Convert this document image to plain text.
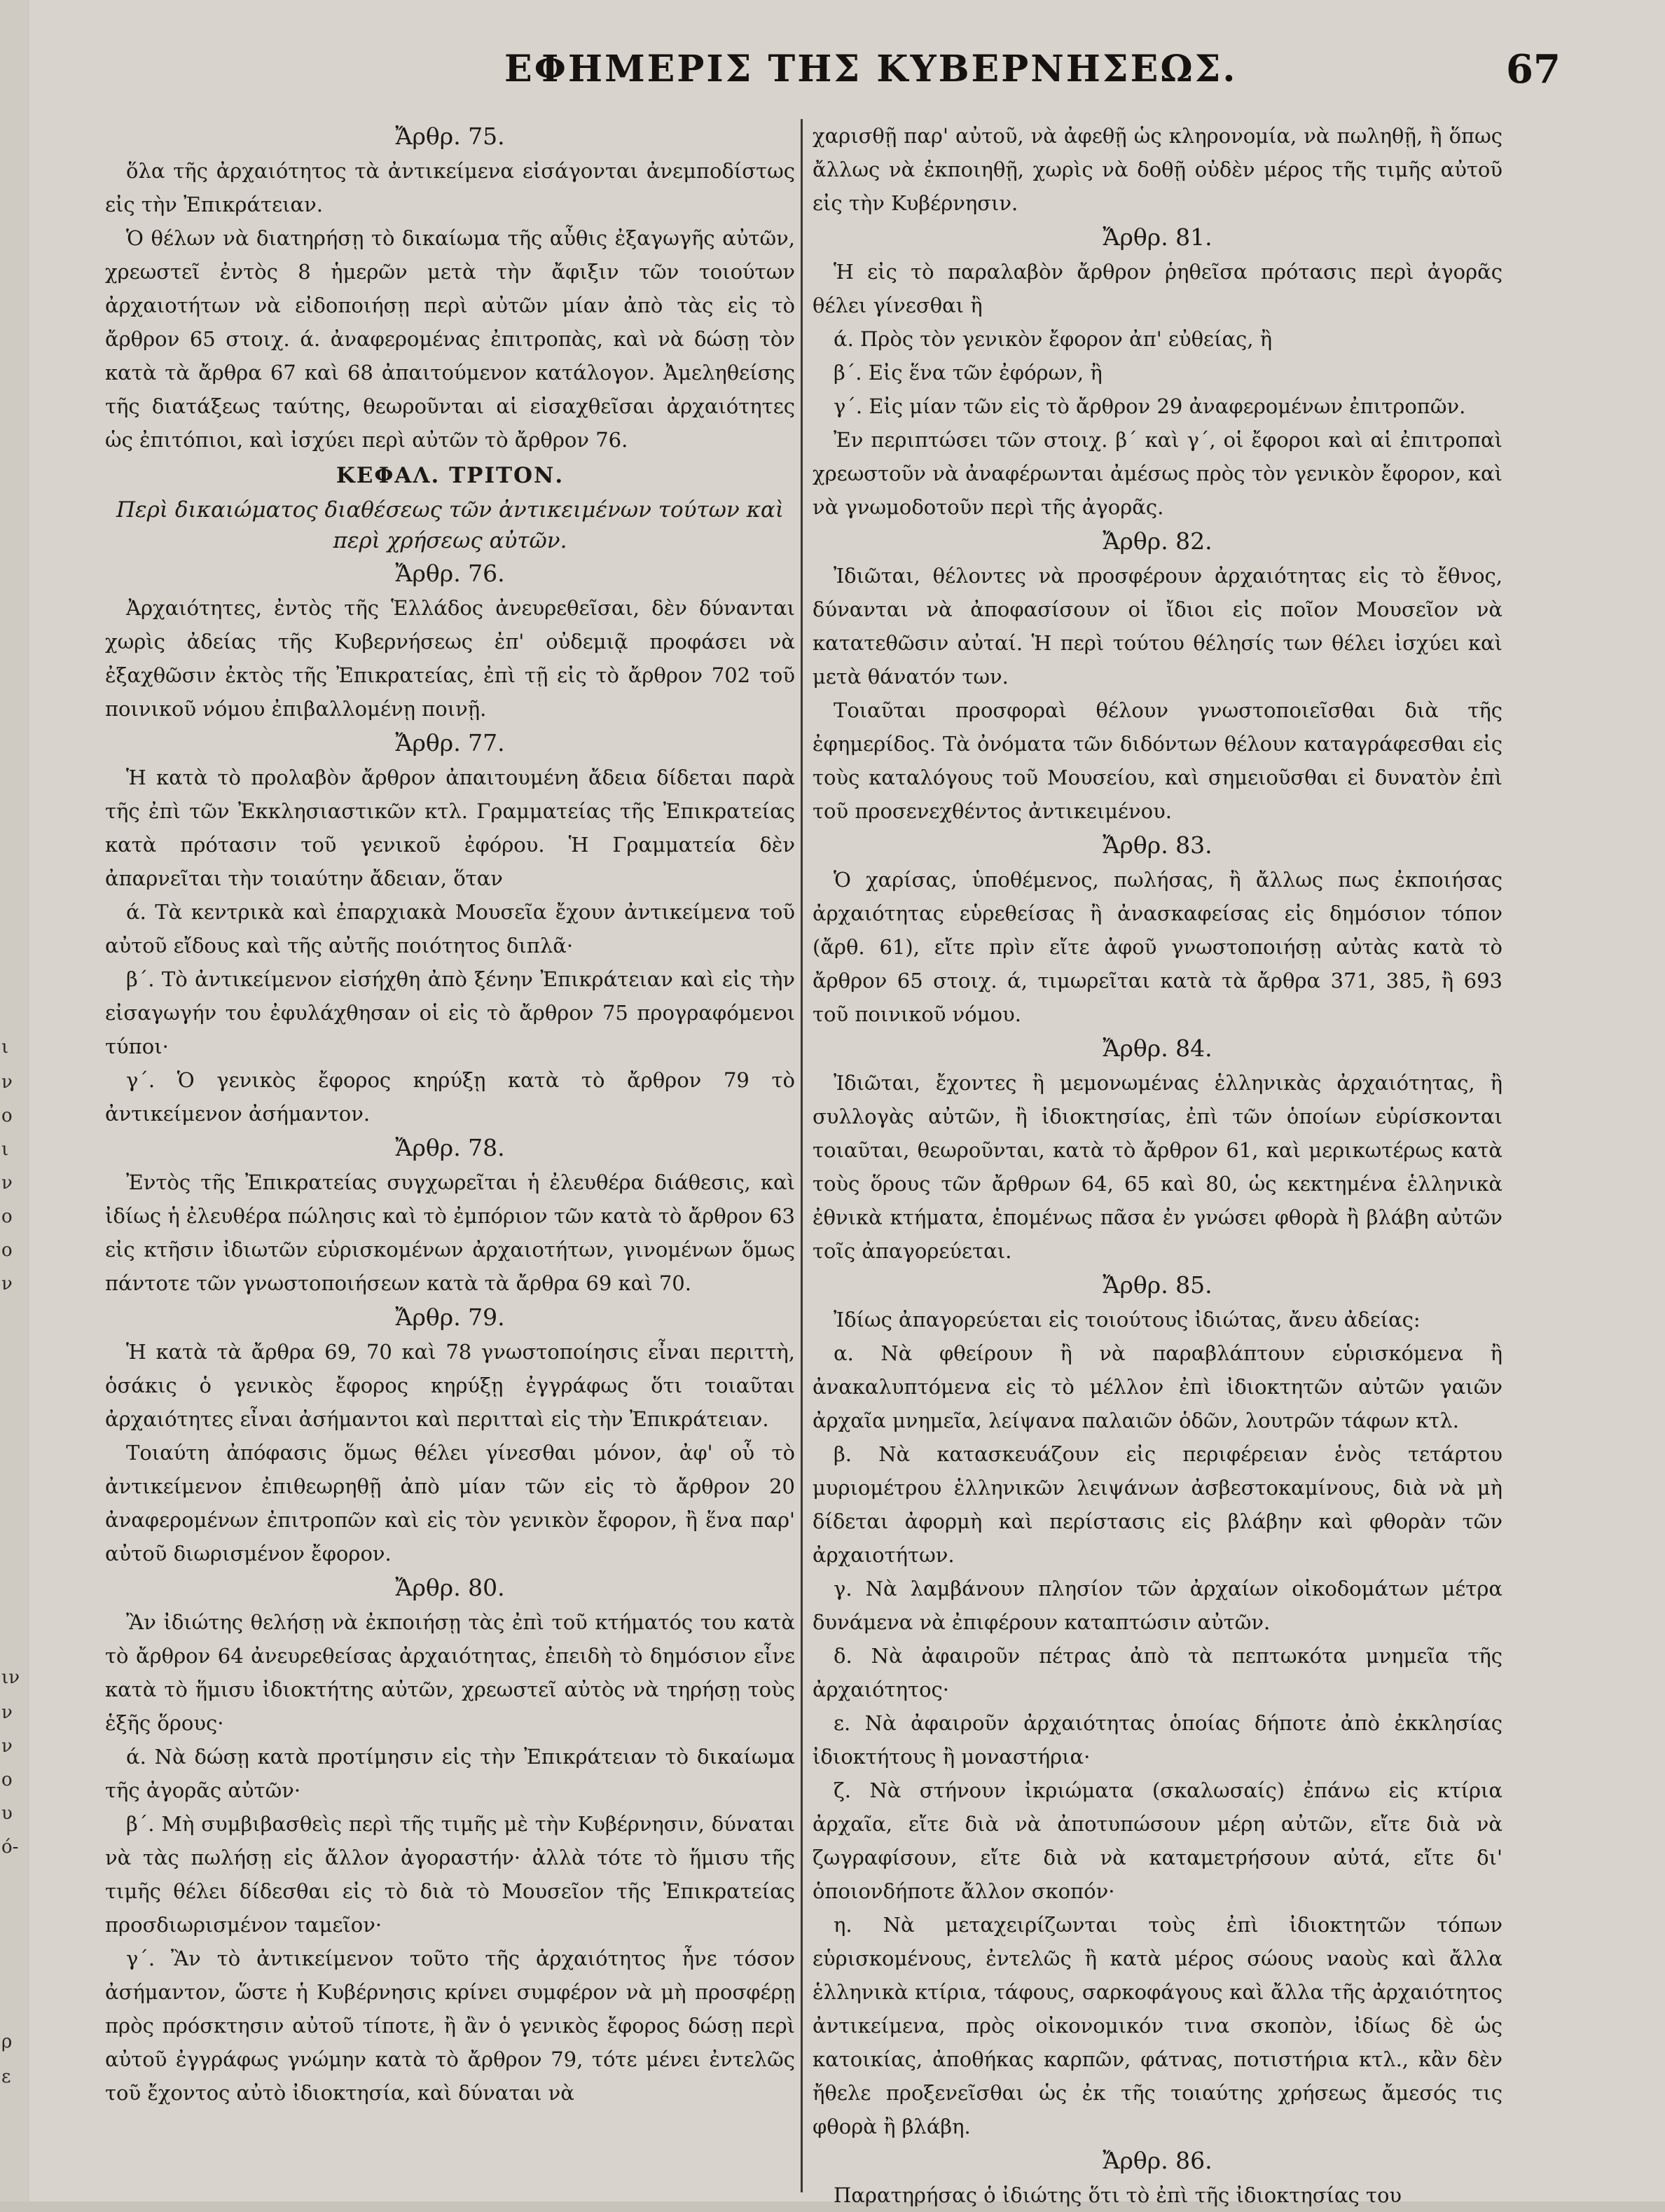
ι
ν
ο
ι
ν
ο
ο
ν
ιν
ν
ν
ο
υ
ό-
ρ
ε
ΕΦΗΜΕΡΙΣ ΤΗΣ ΚΥΒΕΡΝΗΣΕΩΣ.	67

Ἄρθρ. 75.

ὅλα τῆς ἀρχαιότητος τὰ ἀντικείμενα εἰσάγονται ἀνεμποδίστως εἰς τὴν Ἐπικράτειαν.

Ὁ θέλων νὰ διατηρήσῃ τὸ δικαίωμα τῆς αὖθις ἐξαγωγῆς αὐτῶν, χρεωστεῖ ἐντὸς 8 ἡμερῶν μετὰ τὴν ἄφιξιν τῶν τοιούτων ἀρχαιοτήτων νὰ εἰδοποιήσῃ περὶ αὐτῶν μίαν ἀπὸ τὰς εἰς τὸ ἄρθρον 65 στοιχ. ά. ἀναφερομένας ἐπιτροπὰς, καὶ νὰ δώσῃ τὸν κατὰ τὰ ἄρθρα 67 καὶ 68 ἀπαιτούμενον κατάλογον. Ἀμεληθείσης τῆς διατάξεως ταύτης, θεωροῦνται αἱ εἰσαχθεῖσαι ἀρχαιότητες ὡς ἐπιτόπιοι, καὶ ἰσχύει περὶ αὐτῶν τὸ ἄρθρον 76.

ΚΕΦΑΛ. ΤΡΙΤΟΝ.

Περὶ δικαιώματος διαθέσεως τῶν ἀντικειμένων τούτων καὶ περὶ χρήσεως αὐτῶν.

Ἄρθρ. 76.

Ἀρχαιότητες, ἐντὸς τῆς Ἑλλάδος ἀνευρεθεῖσαι, δὲν δύνανται χωρὶς ἀδείας τῆς Κυβερνήσεως ἐπ' οὐδεμιᾷ προφάσει νὰ ἐξαχθῶσιν ἐκτὸς τῆς Ἐπικρατείας, ἐπὶ τῇ εἰς τὸ ἄρθρον 702 τοῦ ποινικοῦ νόμου ἐπιβαλλομένῃ ποινῇ.

Ἄρθρ. 77.

Ἡ κατὰ τὸ προλαβὸν ἄρθρον ἀπαιτουμένη ἄδεια δίδεται παρὰ τῆς ἐπὶ τῶν Ἐκκλησιαστικῶν κτλ. Γραμματείας τῆς Ἐπικρατείας κατὰ πρότασιν τοῦ γενικοῦ ἐφόρου. Ἡ Γραμματεία δὲν ἀπαρνεῖται τὴν τοιαύτην ἄδειαν, ὅταν

ά. Τὰ κεντρικὰ καὶ ἐπαρχιακὰ Μουσεῖα ἔχουν ἀντικείμενα τοῦ αὐτοῦ εἴδους καὶ τῆς αὐτῆς ποιότητος διπλᾶ·

β΄. Τὸ ἀντικείμενον εἰσήχθη ἀπὸ ξένην Ἐπικράτειαν καὶ εἰς τὴν εἰσαγωγήν του ἐφυλάχθησαν οἱ εἰς τὸ ἄρθρον 75 προγραφόμενοι τύποι·

γ΄. Ὁ γενικὸς ἔφορος κηρύξῃ κατὰ τὸ ἄρθρον 79 τὸ ἀντικείμενον ἀσήμαντον.

Ἄρθρ. 78.

Ἐντὸς τῆς Ἐπικρατείας συγχωρεῖται ἡ ἐλευθέρα διάθεσις, καὶ ἰδίως ἡ ἐλευθέρα πώλησις καὶ τὸ ἐμπόριον τῶν κατὰ τὸ ἄρθρον 63 εἰς κτῆσιν ἰδιωτῶν εὑρισκομένων ἀρχαιοτήτων, γινομένων ὅμως πάντοτε τῶν γνωστοποιήσεων κατὰ τὰ ἄρθρα 69 καὶ 70.

Ἄρθρ. 79.

Ἡ κατὰ τὰ ἄρθρα 69, 70 καὶ 78 γνωστοποίησις εἶναι περιττὴ, ὁσάκις ὁ γενικὸς ἔφορος κηρύξῃ ἐγγράφως ὅτι τοιαῦται ἀρχαιότητες εἶναι ἀσήμαντοι καὶ περιτταὶ εἰς τὴν Ἐπικράτειαν.

Τοιαύτη ἀπόφασις ὅμως θέλει γίνεσθαι μόνον, ἀφ' οὗ τὸ ἀντικείμενον ἐπιθεωρηθῇ ἀπὸ μίαν τῶν εἰς τὸ ἄρθρον 20 ἀναφερομένων ἐπιτροπῶν καὶ εἰς τὸν γενικὸν ἔφορον, ἢ ἕνα παρ' αὐτοῦ διωρισμένον ἔφορον.

Ἄρθρ. 80.

Ἂν ἰδιώτης θελήσῃ νὰ ἐκποιήσῃ τὰς ἐπὶ τοῦ κτήματός του κατὰ τὸ ἄρθρον 64 ἀνευρεθείσας ἀρχαιότητας, ἐπειδὴ τὸ δημόσιον εἶνε κατὰ τὸ ἥμισυ ἰδιοκτήτης αὐτῶν, χρεωστεῖ αὐτὸς νὰ τηρήσῃ τοὺς ἑξῆς ὅρους·

ά. Νὰ δώσῃ κατὰ προτίμησιν εἰς τὴν Ἐπικράτειαν τὸ δικαίωμα τῆς ἀγορᾶς αὐτῶν·

β΄. Μὴ συμβιβασθεὶς περὶ τῆς τιμῆς μὲ τὴν Κυβέρνησιν, δύναται νὰ τὰς πωλήσῃ εἰς ἄλλον ἀγοραστήν· ἀλλὰ τότε τὸ ἥμισυ τῆς τιμῆς θέλει δίδεσθαι εἰς τὸ διὰ τὸ Μουσεῖον τῆς Ἐπικρατείας προσδιωρισμένον ταμεῖον·

γ΄. Ἂν τὸ ἀντικείμενον τοῦτο τῆς ἀρχαιότητος ἦνε τόσον ἀσήμαντον, ὥστε ἡ Κυβέρνησις κρίνει συμφέρον νὰ μὴ προσφέρῃ πρὸς πρόσκτησιν αὐτοῦ τίποτε, ἢ ἂν ὁ γενικὸς ἔφορος δώσῃ περὶ αὐτοῦ ἐγγράφως γνώμην κατὰ τὸ ἄρθρον 79, τότε μένει ἐντελῶς τοῦ ἔχοντος αὐτὸ ἰδιοκτησία, καὶ δύναται νὰ

χαρισθῇ παρ' αὐτοῦ, νὰ ἀφεθῇ ὡς κληρονομία, νὰ πωληθῇ, ἢ ὅπως ἄλλως νὰ ἐκποιηθῇ, χωρὶς νὰ δοθῇ οὐδὲν μέρος τῆς τιμῆς αὐτοῦ εἰς τὴν Κυβέρνησιν.

Ἄρθρ. 81.

Ἡ εἰς τὸ παραλαβὸν ἄρθρον ῥηθεῖσα πρότασις περὶ ἀγορᾶς θέλει γίνεσθαι ἢ

ά. Πρὸς τὸν γενικὸν ἔφορον ἀπ' εὐθείας, ἢ

β΄. Εἰς ἕνα τῶν ἐφόρων, ἢ

γ΄. Εἰς μίαν τῶν εἰς τὸ ἄρθρον 29 ἀναφερομένων ἐπιτροπῶν.

Ἐν περιπτώσει τῶν στοιχ. β΄ καὶ γ΄, οἱ ἔφοροι καὶ αἱ ἐπιτροπαὶ χρεωστοῦν νὰ ἀναφέρωνται ἀμέσως πρὸς τὸν γενικὸν ἔφορον, καὶ νὰ γνωμοδοτοῦν περὶ τῆς ἀγορᾶς.

Ἄρθρ. 82.

Ἰδιῶται, θέλοντες νὰ προσφέρουν ἀρχαιότητας εἰς τὸ ἔθνος, δύνανται νὰ ἀποφασίσουν οἱ ἴδιοι εἰς ποῖον Μουσεῖον νὰ κατατεθῶσιν αὐταί. Ἡ περὶ τούτου θέλησίς των θέλει ἰσχύει καὶ μετὰ θάνατόν των.

Τοιαῦται προσφοραὶ θέλουν γνωστοποιεῖσθαι διὰ τῆς ἐφημερίδος. Τὰ ὀνόματα τῶν διδόντων θέλουν καταγράφεσθαι εἰς τοὺς καταλόγους τοῦ Μουσείου, καὶ σημειοῦσθαι εἰ δυνατὸν ἐπὶ τοῦ προσενεχθέντος ἀντικειμένου.

Ἄρθρ. 83.

Ὁ χαρίσας, ὑποθέμενος, πωλήσας, ἢ ἄλλως πως ἐκποιήσας ἀρχαιότητας εὑρεθείσας ἢ ἀνασκαφείσας εἰς δημόσιον τόπον (ἄρθ. 61), εἴτε πρὶν εἴτε ἀφοῦ γνωστοποιήσῃ αὐτὰς κατὰ τὸ ἄρθρον 65 στοιχ. ά, τιμωρεῖται κατὰ τὰ ἄρθρα 371, 385, ἢ 693 τοῦ ποινικοῦ νόμου.

Ἄρθρ. 84.

Ἰδιῶται, ἔχοντες ἢ μεμονωμένας ἑλληνικὰς ἀρχαιότητας, ἢ συλλογὰς αὐτῶν, ἢ ἰδιοκτησίας, ἐπὶ τῶν ὁποίων εὑρίσκονται τοιαῦται, θεωροῦνται, κατὰ τὸ ἄρθρον 61, καὶ μερικωτέρως κατὰ τοὺς ὅρους τῶν ἄρθρων 64, 65 καὶ 80, ὡς κεκτημένα ἑλληνικὰ ἐθνικὰ κτήματα, ἑπομένως πᾶσα ἐν γνώσει φθορὰ ἢ βλάβη αὐτῶν τοῖς ἀπαγορεύεται.

Ἄρθρ. 85.

Ἰδίως ἀπαγορεύεται εἰς τοιούτους ἰδιώτας, ἄνευ ἀδείας:

α. Νὰ φθείρουν ἢ νὰ παραβλάπτουν εὑρισκόμενα ἢ ἀνακαλυπτόμενα εἰς τὸ μέλλον ἐπὶ ἰδιοκτητῶν αὐτῶν γαιῶν ἀρχαῖα μνημεῖα, λείψανα παλαιῶν ὁδῶν, λουτρῶν τάφων κτλ.

β. Νὰ κατασκευάζουν εἰς περιφέρειαν ἑνὸς τετάρτου μυριομέτρου ἑλληνικῶν λειψάνων ἀσβεστοκαμίνους, διὰ νὰ μὴ δίδεται ἀφορμὴ καὶ περίστασις εἰς βλάβην καὶ φθορὰν τῶν ἀρχαιοτήτων.

γ. Νὰ λαμβάνουν πλησίον τῶν ἀρχαίων οἰκοδομάτων μέτρα δυνάμενα νὰ ἐπιφέρουν καταπτώσιν αὐτῶν.

δ. Νὰ ἀφαιροῦν πέτρας ἀπὸ τὰ πεπτωκότα μνημεῖα τῆς ἀρχαιότητος·

ε. Νὰ ἀφαιροῦν ἀρχαιότητας ὁποίας δήποτε ἀπὸ ἐκκλησίας ἰδιοκτήτους ἢ μοναστήρια·

ζ. Νὰ στήνουν ἰκριώματα (σκαλωσαίς) ἐπάνω εἰς κτίρια ἀρχαῖα, εἴτε διὰ νὰ ἀποτυπώσουν μέρη αὐτῶν, εἴτε διὰ νὰ ζωγραφίσουν, εἴτε διὰ νὰ καταμετρήσουν αὐτά, εἴτε δι' ὁποιονδήποτε ἄλλον σκοπόν·

η. Νὰ μεταχειρίζωνται τοὺς ἐπὶ ἰδιοκτητῶν τόπων εὑρισκομένους, ἐντελῶς ἢ κατὰ μέρος σώους ναοὺς καὶ ἄλλα ἑλληνικὰ κτίρια, τάφους, σαρκοφάγους καὶ ἄλλα τῆς ἀρχαιότητος ἀντικείμενα, πρὸς οἰκονομικόν τινα σκοπὸν, ἰδίως δὲ ὡς κατοικίας, ἀποθήκας καρπῶν, φάτνας, ποτιστήρια κτλ., κἂν δὲν ἤθελε προξενεῖσθαι ὡς ἐκ τῆς τοιαύτης χρήσεως ἄμεσός τις φθορὰ ἢ βλάβη.

Ἄρθρ. 86.

Παρατηρήσας ὁ ἰδιώτης ὅτι τὸ ἐπὶ τῆς ἰδιοκτησίας του
